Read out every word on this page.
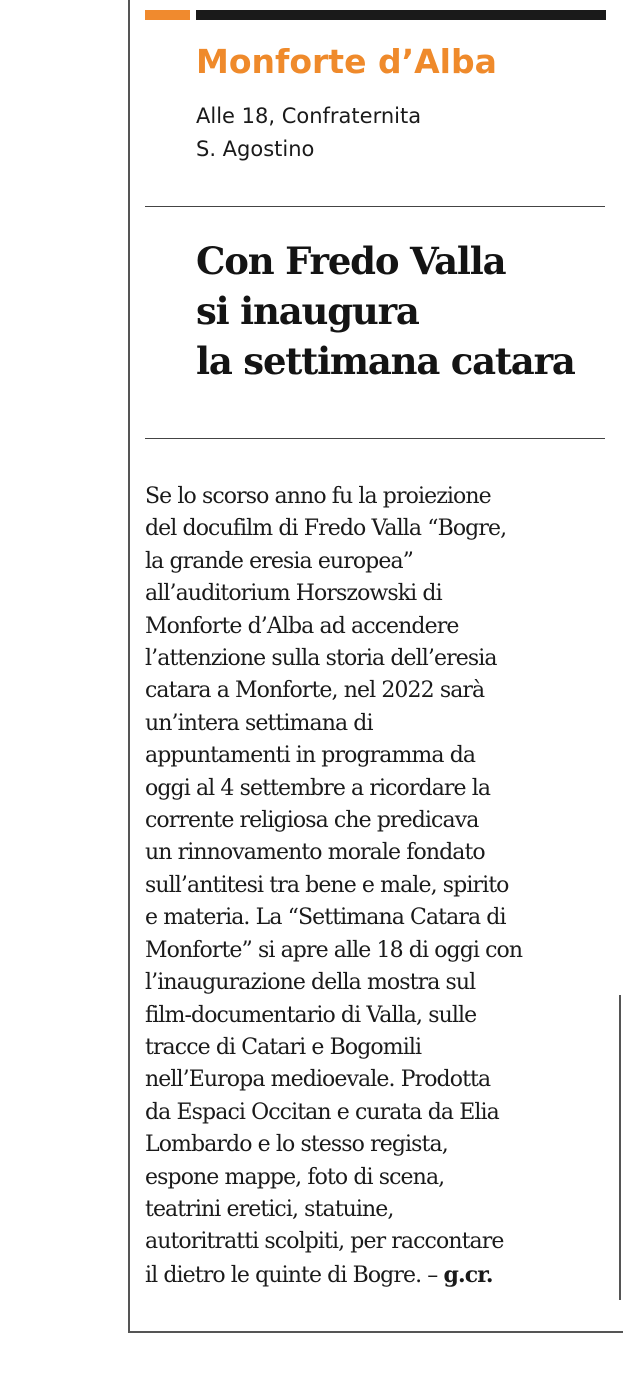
Monforte d’Alba

Alle 18, Confraternita
S. Agostino

Con Fredo Valla
si inaugura
la settimana catara
Se lo scorso anno fu la proiezione
del docufilm di Fredo Valla “Bogre,
la grande eresia europea”
all’auditorium Horszowski di
Monforte d’Alba ad accendere
l’attenzione sulla storia dell’eresia
catara a Monforte, nel 2022 sarà
un’intera settimana di
appuntamenti in programma da
oggi al 4 settembre a ricordare la
corrente religiosa che predicava
un rinnovamento morale fondato
sull’antitesi tra bene e male, spirito
e materia. La “Settimana Catara di
Monforte” si apre alle 18 di oggi con
l’inaugurazione della mostra sul
film-documentario di Valla, sulle
tracce di Catari e Bogomili
nell’Europa medioevale. Prodotta
da Espaci Occitan e curata da Elia
Lombardo e lo stesso regista,
espone mappe, foto di scena,
teatrini eretici, statuine,
autoritratti scolpiti, per raccontare
il dietro le quinte di Bogre. – g.cr.
